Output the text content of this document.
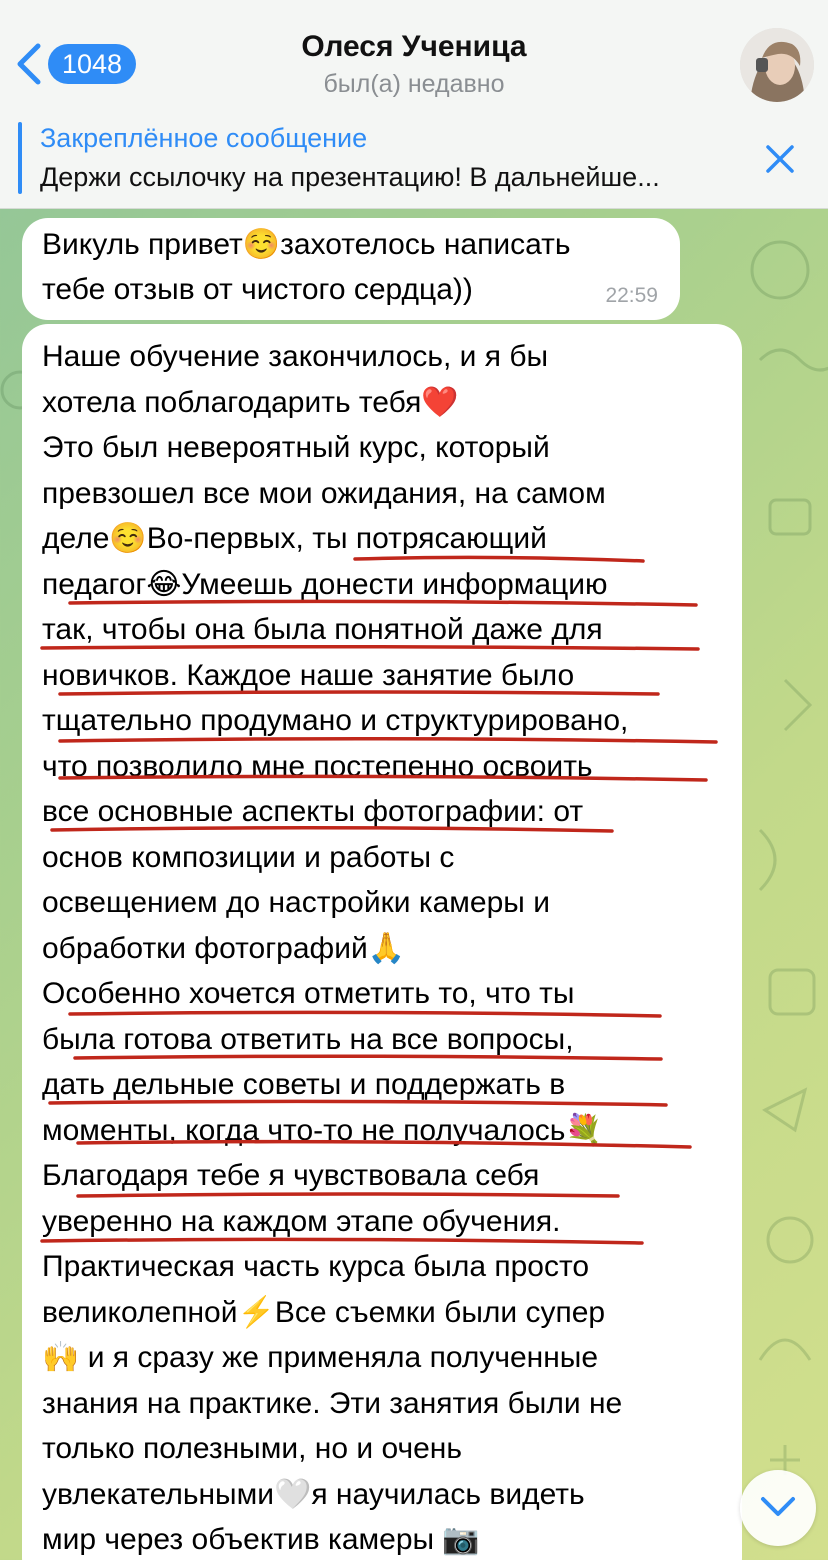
1048
Олеся Ученица
был(а) недавно
Закреплённое сообщение
Держи ссылочку на презентацию! В дальнейше...
Викуль привет☺️захотелось написать
тебе отзыв от чистого сердца))	22:59
Наше обучение закончилось, и я бы
хотела поблагодарить тебя❤️
Это был невероятный курс, который
превзошел все мои ожидания, на самом
деле☺️Во-первых, ты потрясающий
педагог😂Умеешь донести информацию
так, чтобы она была понятной даже для
новичков. Каждое наше занятие было
тщательно продумано и структурировано,
что позволило мне постепенно освоить
все основные аспекты фотографии: от
основ композиции и работы с
освещением до настройки камеры и
обработки фотографий🙏
Особенно хочется отметить то, что ты
была готова ответить на все вопросы,
дать дельные советы и поддержать в
моменты, когда что-то не получалось💐
Благодаря тебе я чувствовала себя
уверенно на каждом этапе обучения.
Практическая часть курса была просто
великолепной⚡️Все съемки были супер
🙌 и я сразу же применяла полученные
знания на практике. Эти занятия были не
только полезными, но и очень
увлекательными🤍я научилась видеть
мир через объектив камеры 📷
